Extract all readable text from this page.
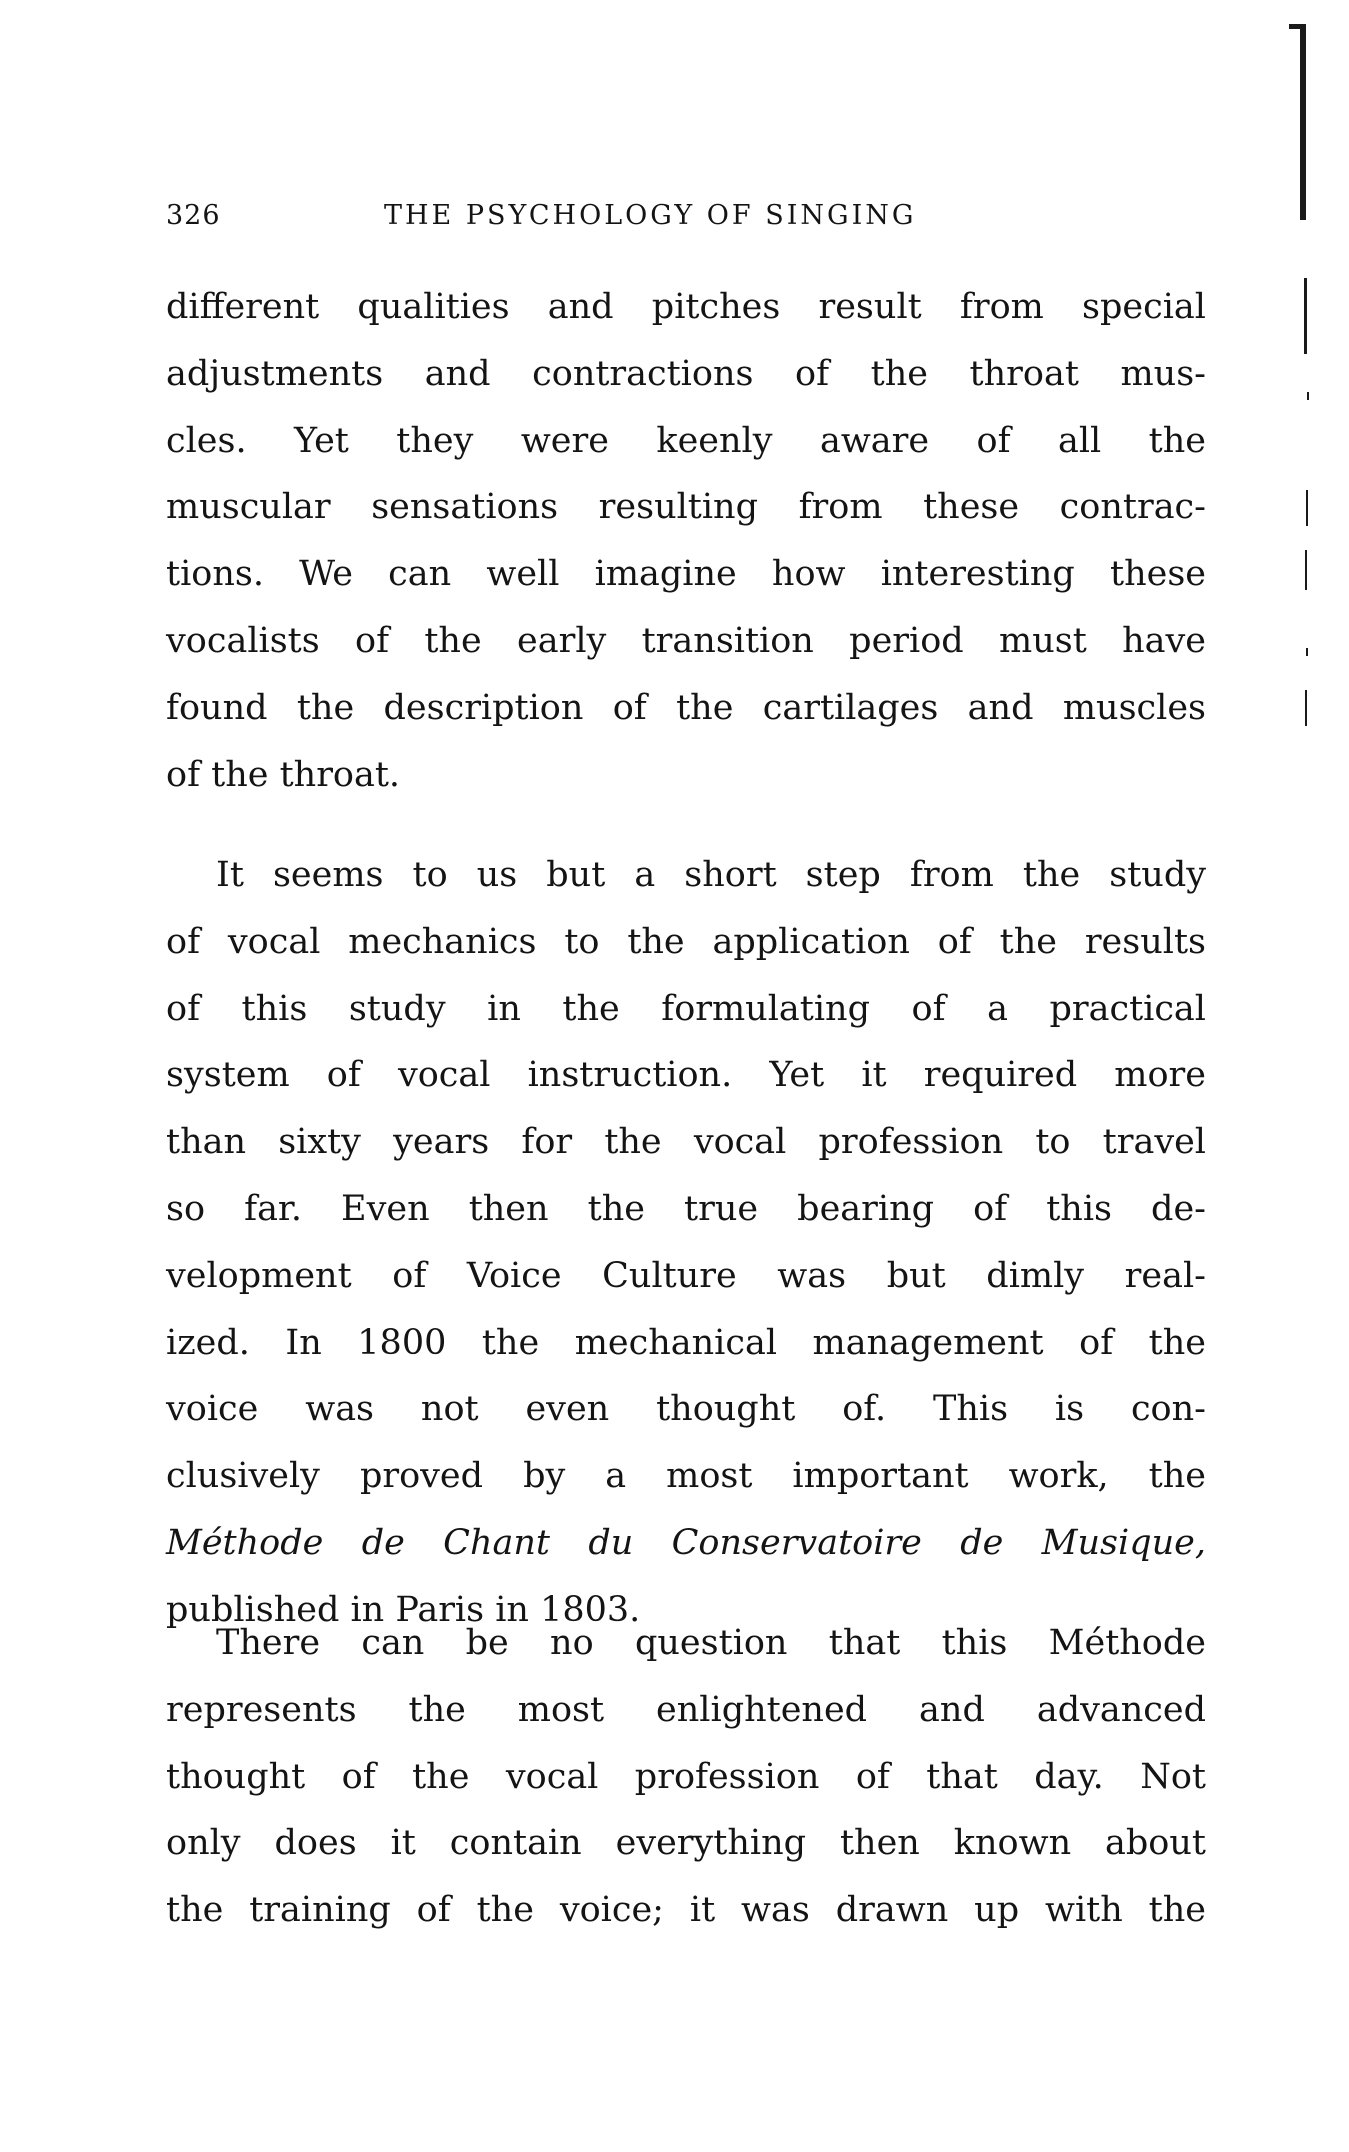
326	THE PSYCHOLOGY OF SINGING
different qualities and pitches result from special
adjustments and contractions of the throat mus-
cles. Yet they were keenly aware of all the
muscular sensations resulting from these contrac-
tions. We can well imagine how interesting these
vocalists of the early transition period must have
found the description of the cartilages and muscles
of the throat.
It seems to us but a short step from the study
of vocal mechanics to the application of the results
of this study in the formulating of a practical
system of vocal instruction. Yet it required more
than sixty years for the vocal profession to travel
so far. Even then the true bearing of this de-
velopment of Voice Culture was but dimly real-
ized. In 1800 the mechanical management of the
voice was not even thought of. This is con-
clusively proved by a most important work, the
Méthode de Chant du Conservatoire de Musique,
published in Paris in 1803.
There can be no question that this Méthode
represents the most enlightened and advanced
thought of the vocal profession of that day. Not
only does it contain everything then known about
the training of the voice; it was drawn up with the
